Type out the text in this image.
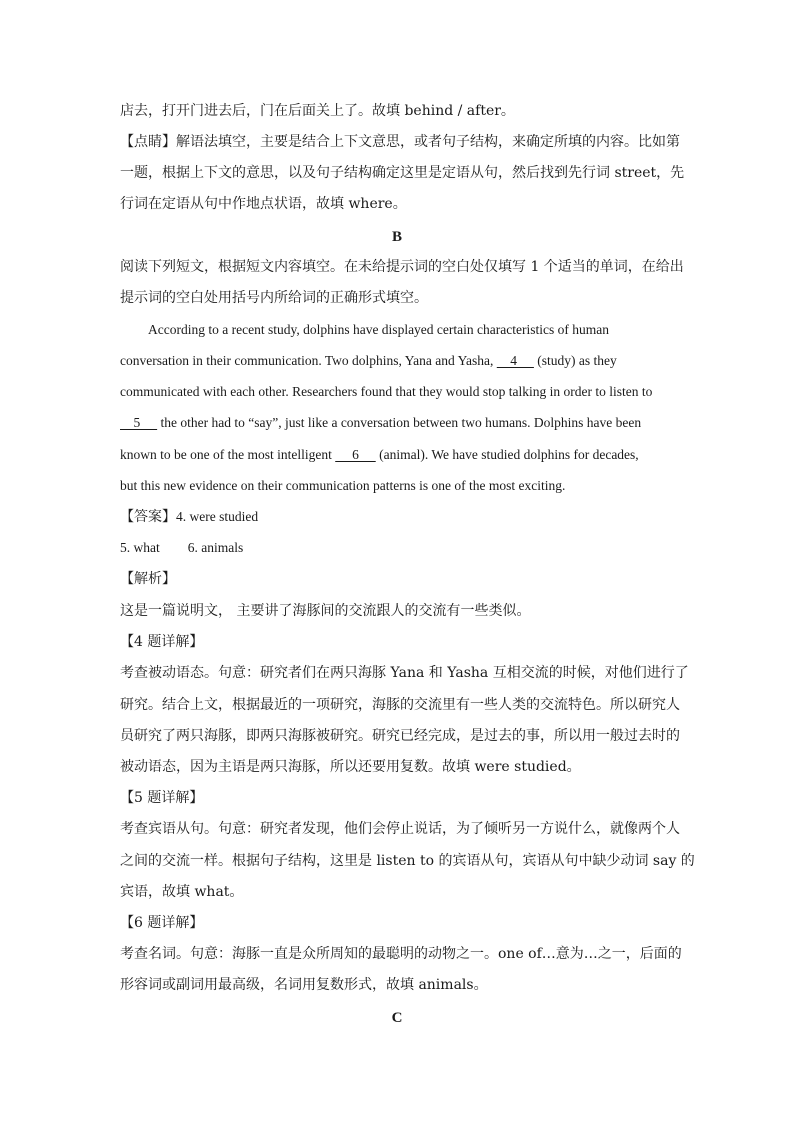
店去，打开门进去后，门在后面关上了。故填 behind / after。
【点睛】解语法填空，主要是结合上下文意思，或者句子结构，来确定所填的内容。比如第
一题，根据上下文的意思，以及句子结构确定这里是定语从句，然后找到先行词 street，先
行词在定语从句中作地点状语，故填 where。
B
阅读下列短文，根据短文内容填空。在未给提示词的空白处仅填写 1 个适当的单词，在给出
提示词的空白处用括号内所给词的正确形式填空。
According to a recent study, dolphins have displayed certain characteristics of human
conversation in their communication. Two dolphins, Yana and Yasha,     4      (study) as they
communicated with each other. Researchers found that they would stop talking in order to listen to
5      the other had to “say”, just like a conversation between two humans. Dolphins have been
known to be one of the most intelligent      6      (animal). We have studied dolphins for decades,
but this new evidence on their communication patterns is one of the most exciting.
【答案】4. were studied
5. what 6. animals
【解析】
这是一篇说明文， 主要讲了海豚间的交流跟人的交流有一些类似。
【4 题详解】
考查被动语态。句意：研究者们在两只海豚 Yana 和 Yasha 互相交流的时候，对他们进行了
研究。结合上文，根据最近的一项研究，海豚的交流里有一些人类的交流特色。所以研究人
员研究了两只海豚，即两只海豚被研究。研究已经完成，是过去的事，所以用一般过去时的
被动语态，因为主语是两只海豚，所以还要用复数。故填 were studied。
【5 题详解】
考查宾语从句。句意：研究者发现，他们会停止说话，为了倾听另一方说什么，就像两个人
之间的交流一样。根据句子结构，这里是 listen to 的宾语从句，宾语从句中缺少动词 say 的
宾语，故填 what。
【6 题详解】
考查名词。句意：海豚一直是众所周知的最聪明的动物之一。one of…意为…之一，后面的
形容词或副词用最高级，名词用复数形式，故填 animals。
C
